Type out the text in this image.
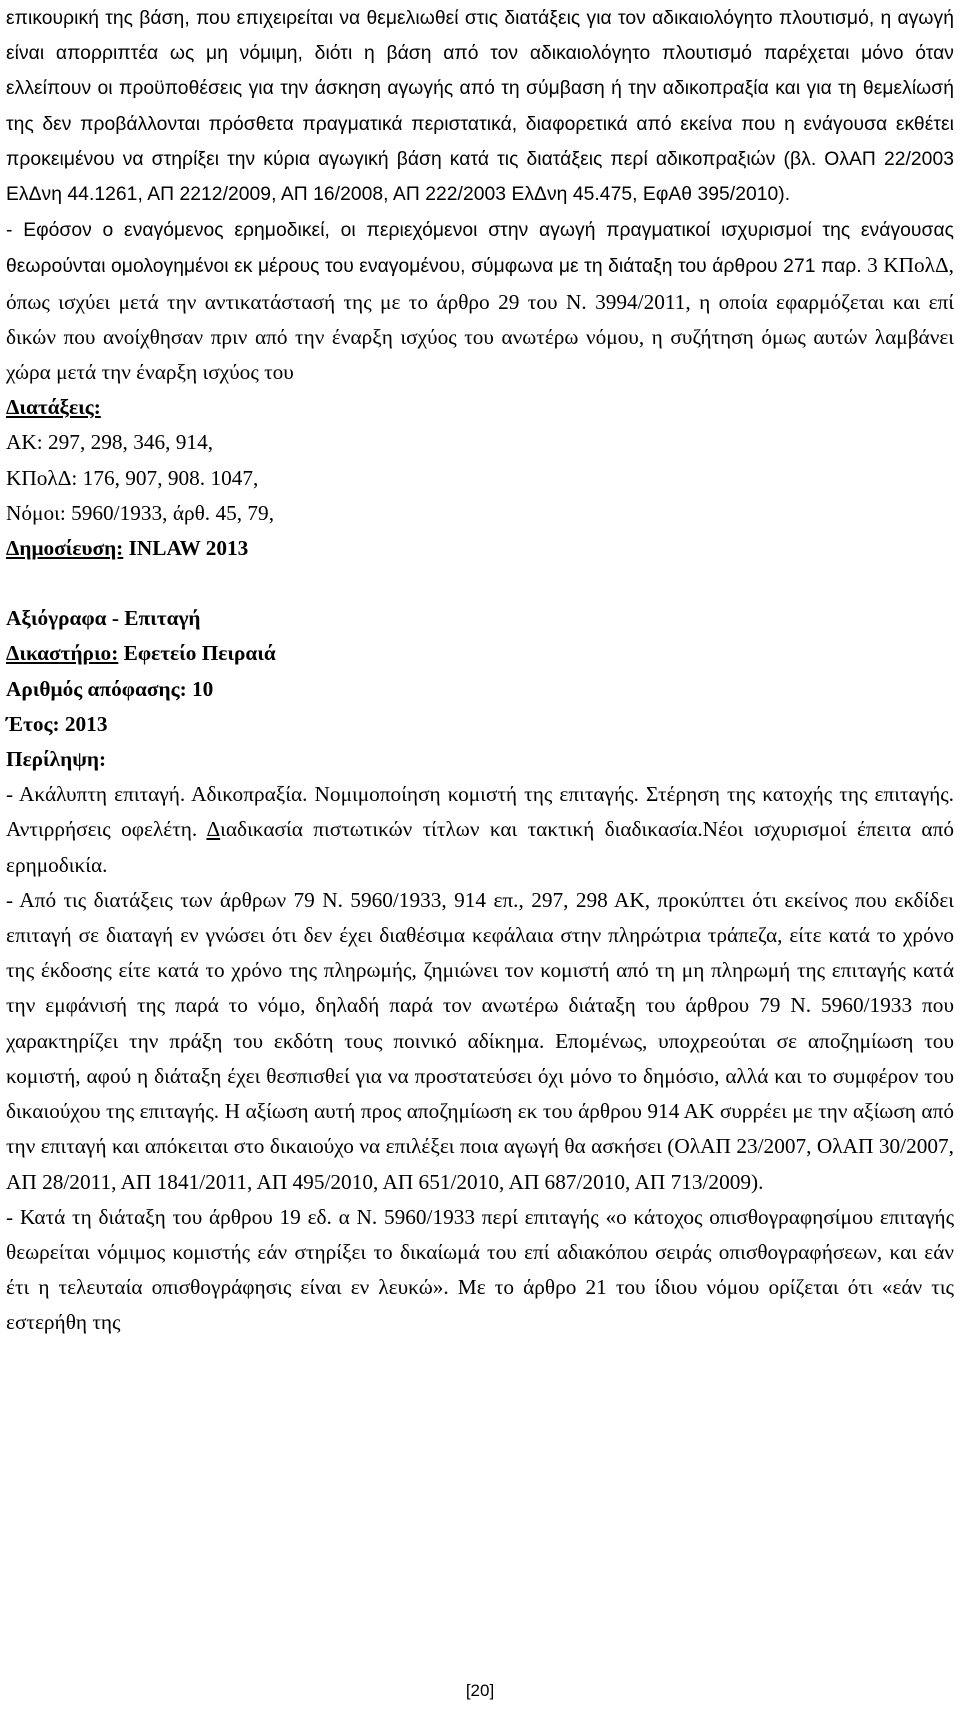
επικουρική της βάση, που επιχειρείται να θεμελιωθεί στις διατάξεις για τον αδικαιολόγητο πλουτισμό, η αγωγή είναι απορριπτέα ως μη νόμιμη, διότι η βάση από τον αδικαιολόγητο πλουτισμό παρέχεται μόνο όταν ελλείπουν οι προϋποθέσεις για την άσκηση αγωγής από τη σύμβαση ή την αδικοπραξία και για τη θεμελίωσή της δεν προβάλλονται πρόσθετα πραγματικά περιστατικά, διαφορετικά από εκείνα που η ενάγουσα εκθέτει προκειμένου να στηρίξει την κύρια αγωγική βάση κατά τις διατάξεις περί αδικοπραξιών (βλ. ΟλΑΠ 22/2003 ΕλΔνη 44.1261, ΑΠ 2212/2009, ΑΠ 16/2008, ΑΠ 222/2003 ΕλΔνη 45.475, ΕφΑθ 395/2010).

- Εφόσον ο εναγόμενος ερημοδικεί, οι περιεχόμενοι στην αγωγή πραγματικοί ισχυρισμοί της ενάγουσας θεωρούνται ομολογημένοι εκ μέρους του εναγομένου, σύμφωνα με τη διάταξη του άρθρου 271 παρ. 3 ΚΠολΔ, όπως ισχύει μετά την αντικατάστασή της με το άρθρο 29 του Ν. 3994/2011, η οποία εφαρμόζεται και επί δικών που ανοίχθησαν πριν από την έναρξη ισχύος του ανωτέρω νόμου, η συζήτηση όμως αυτών λαμβάνει χώρα μετά την έναρξη ισχύος του

Διατάξεις:

ΑΚ: 297, 298, 346, 914,

ΚΠολΔ: 176, 907, 908. 1047,

Νόμοι: 5960/1933, άρθ. 45, 79,

Δημοσίευση: INLAW 2013

Αξιόγραφα - Επιταγή

Δικαστήριο: Εφετείο Πειραιά

Αριθμός απόφασης: 10

Έτος: 2013

Περίληψη:

- Ακάλυπτη επιταγή. Αδικοπραξία. Νομιμοποίηση κομιστή της επιταγής. Στέρηση της κατοχής της επιταγής. Αντιρρήσεις οφελέτη. Διαδικασία πιστωτικών τίτλων και τακτική διαδικασία.Νέοι ισχυρισμοί έπειτα από ερημοδικία.

- Από τις διατάξεις των άρθρων 79 Ν. 5960/1933, 914 επ., 297, 298 ΑΚ, προκύπτει ότι εκείνος που εκδίδει επιταγή σε διαταγή εν γνώσει ότι δεν έχει διαθέσιμα κεφάλαια στην πληρώτρια τράπεζα, είτε κατά το χρόνο της έκδοσης είτε κατά το χρόνο της πληρωμής, ζημιώνει τον κομιστή από τη μη πληρωμή της επιταγής κατά την εμφάνισή της παρά το νόμο, δηλαδή παρά τον ανωτέρω διάταξη του άρθρου 79 Ν. 5960/1933 που χαρακτηρίζει την πράξη του εκδότη τους ποινικό αδίκημα. Επομένως, υποχρεούται σε αποζημίωση του κομιστή, αφού η διάταξη έχει θεσπισθεί για να προστατεύσει όχι μόνο το δημόσιο, αλλά και το συμφέρον του δικαιούχου της επιταγής. Η αξίωση αυτή προς αποζημίωση εκ του άρθρου 914 ΑΚ συρρέει με την αξίωση από την επιταγή και απόκειται στο δικαιούχο να επιλέξει ποια αγωγή θα ασκήσει (ΟλΑΠ 23/2007, ΟλΑΠ 30/2007, ΑΠ 28/2011, ΑΠ 1841/2011, ΑΠ 495/2010, ΑΠ 651/2010, ΑΠ 687/2010, ΑΠ 713/2009).

- Κατά τη διάταξη του άρθρου 19 εδ. α Ν. 5960/1933 περί επιταγής «ο κάτοχος οπισθογραφησίμου επιταγής θεωρείται νόμιμος κομιστής εάν στηρίξει το δικαίωμά του επί αδιακόπου σειράς οπισθογραφήσεων, και εάν έτι η τελευταία οπισθογράφησις είναι εν λευκώ». Με το άρθρο 21 του ίδιου νόμου ορίζεται ότι «εάν τις εστερήθη της

[20]
